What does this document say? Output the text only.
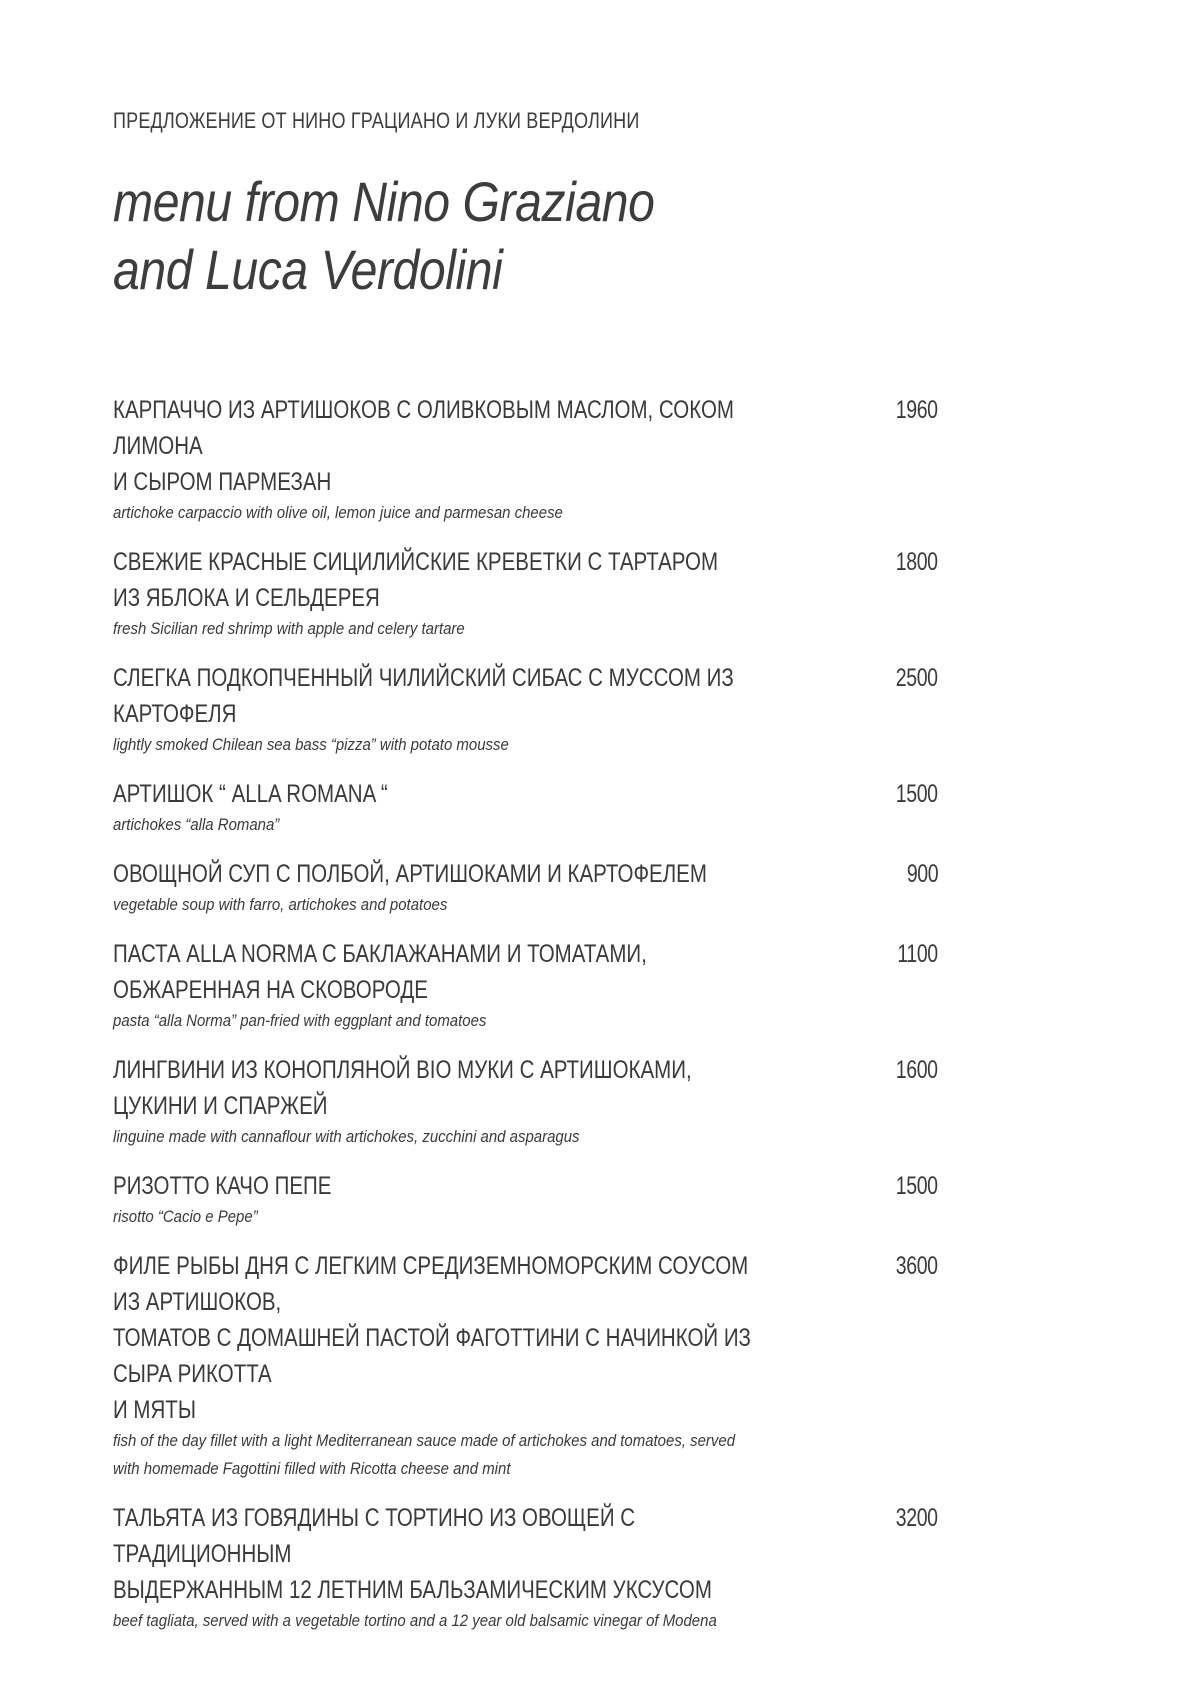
ПРЕДЛОЖЕНИЕ ОТ НИНО ГРАЦИАНО И ЛУКИ ВЕРДОЛИНИ
menu from Nino Graziano
and Luca Verdolini
КАРПАЧЧО ИЗ АРТИШОКОВ С ОЛИВКОВЫМ МАСЛОМ, СОКОМ ЛИМОНА
И СЫРОМ ПАРМЕЗАН
artichoke carpaccio with olive oil, lemon juice and parmesan cheese
1960
СВЕЖИЕ КРАСНЫЕ СИЦИЛИЙСКИЕ КРЕВЕТКИ С ТАРТАРОМ
ИЗ ЯБЛОКА И СЕЛЬДЕРЕЯ
fresh Sicilian red shrimp with apple and celery tartare
1800
СЛЕГКА ПОДКОПЧЕННЫЙ ЧИЛИЙСКИЙ СИБАС С МУССОМ ИЗ КАРТОФЕЛЯ
lightly smoked Chilean sea bass “pizza” with potato mousse
2500
АРТИШОК “ ALLA ROMANA “
artichokes “alla Romana”
1500
ОВОЩНОЙ СУП С ПОЛБОЙ, АРТИШОКАМИ И КАРТОФЕЛЕМ
vegetable soup with farro, artichokes and potatoes
900
ПАСТА ALLA NORMA С БАКЛАЖАНАМИ И ТОМАТАМИ,
ОБЖАРЕННАЯ НА СКОВОРОДЕ
pasta “alla Norma” pan-fried with eggplant and tomatoes
1100
ЛИНГВИНИ ИЗ КОНОПЛЯНОЙ BIO МУКИ С АРТИШОКАМИ, ЦУКИНИ И СПАРЖЕЙ
linguine made with cannaflour with artichokes, zucchini and asparagus
1600
РИЗОТТО КАЧО ПЕПЕ
risotto “Cacio e Pepe”
1500
ФИЛЕ РЫБЫ ДНЯ С ЛЕГКИМ СРЕДИЗЕМНОМОРСКИМ СОУСОМ ИЗ АРТИШОКОВ,
ТОМАТОВ С ДОМАШНЕЙ ПАСТОЙ ФАГОТТИНИ С НАЧИНКОЙ ИЗ СЫРА РИКОТТА
И МЯТЫ
fish of the day fillet with a light Mediterranean sauce made of artichokes and tomatoes, served
with homemade Fagottini filled with Ricotta cheese and mint
3600
ТАЛЬЯТА ИЗ ГОВЯДИНЫ С ТОРТИНО ИЗ ОВОЩЕЙ С ТРАДИЦИОННЫМ
ВЫДЕРЖАННЫМ 12 ЛЕТНИМ БАЛЬЗАМИЧЕСКИМ УКСУСОМ
beef tagliata, served with a vegetable tortino and a 12 year old balsamic vinegar of Modena
3200
